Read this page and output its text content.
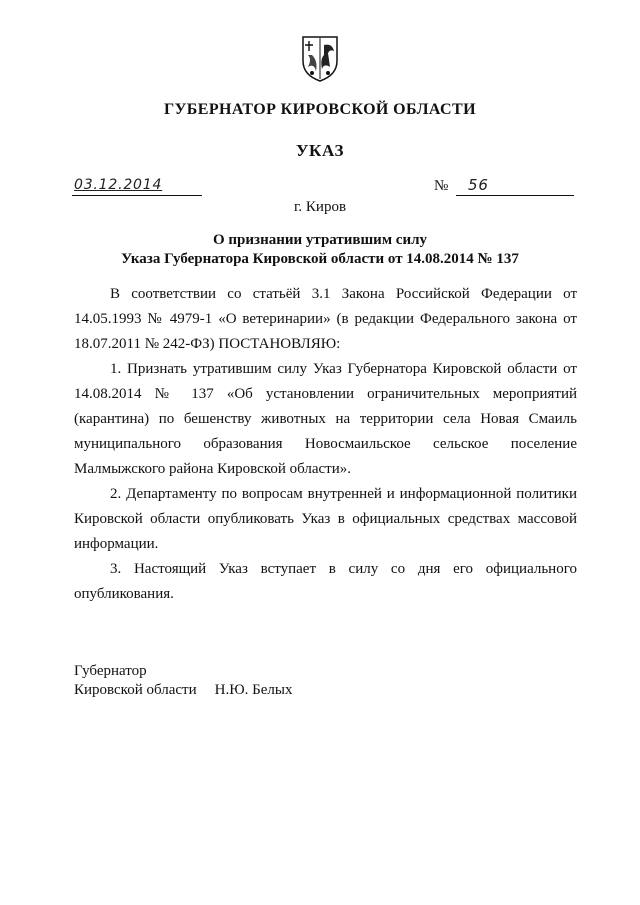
ГУБЕРНАТОР КИРОВСКОЙ ОБЛАСТИ
УКАЗ
03.12.2014	№	56
г. Киров
О признании утратившим силу
Указа Губернатора Кировской области от 14.08.2014 № 137

В соответствии со статьёй 3.1 Закона Российской Федерации от 14.05.1993 № 4979-1 «О ветеринарии» (в редакции Федерального закона от 18.07.2011 № 242-ФЗ) ПОСТАНОВЛЯЮ:

1. Признать утратившим силу Указ Губернатора Кировской области от 14.08.2014 № 137 «Об установлении ограничительных мероприятий (карантина) по бешенству животных на территории села Новая Смаиль муниципального образования Новосмаильское сельское поселение Малмыжского района Кировской области».

2. Департаменту по вопросам внутренней и информационной политики Кировской области опубликовать Указ в официальных средствах массовой информации.

3. Настоящий Указ вступает в силу со дня его официального опубликования.

Губернатор
Кировской области Н.Ю. Белых
